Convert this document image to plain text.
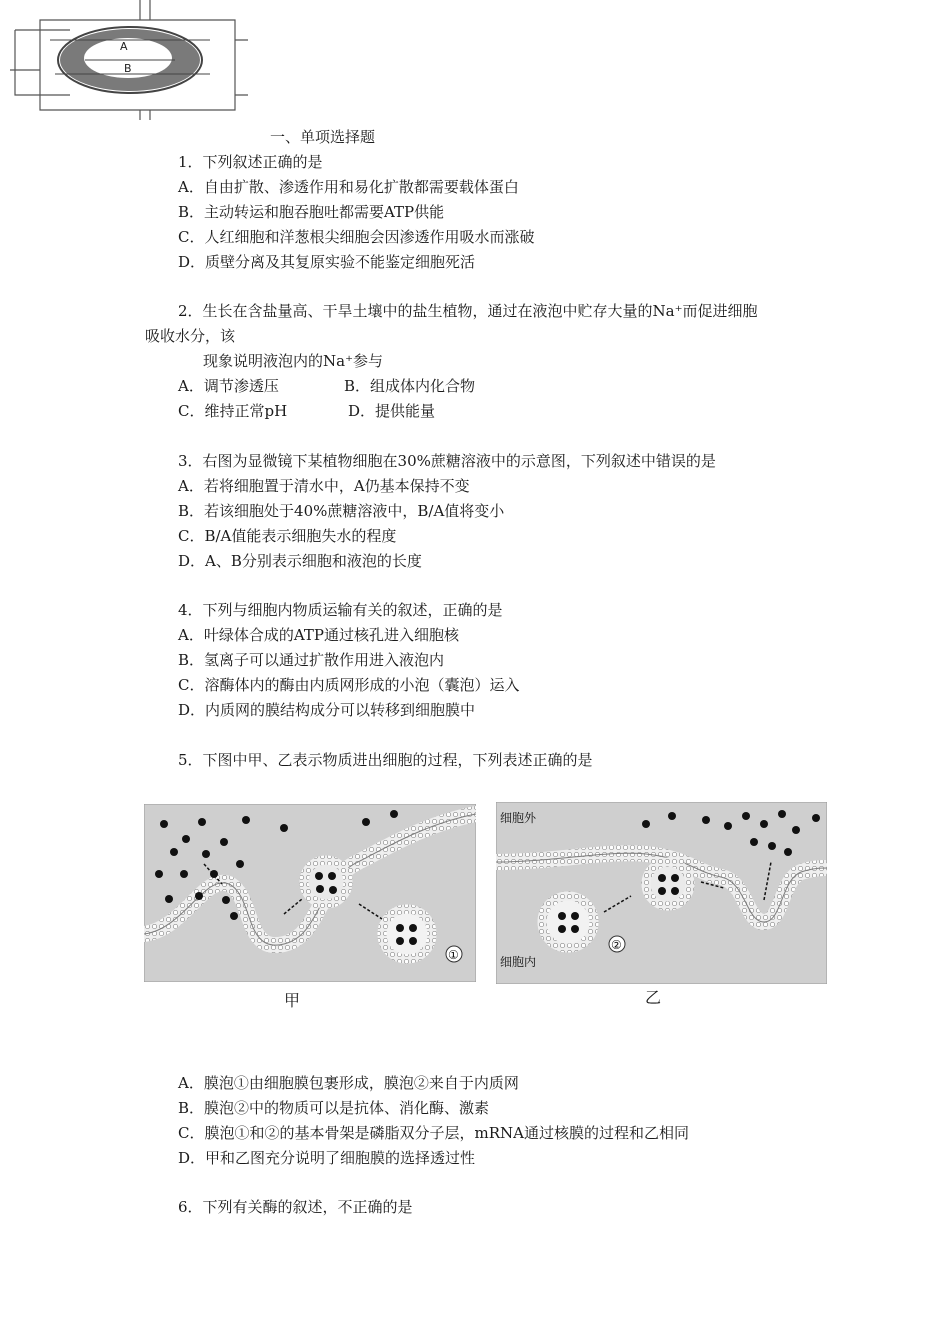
A
B
一、单项选择题
1．下列叙述正确的是
A．自由扩散、渗透作用和易化扩散都需要载体蛋白
B．主动转运和胞吞胞吐都需要ATP供能
C．人红细胞和洋葱根尖细胞会因渗透作用吸水而涨破
D．质壁分离及其复原实验不能鉴定细胞死活
2．生长在含盐量高、干旱土壤中的盐生植物，通过在液泡中贮存大量的Na⁺而促进细胞
吸收水分，该
现象说明液泡内的Na⁺参与
A．调节渗透压	B．组成体内化合物
C．维持正常pH	D．提供能量
3．右图为显微镜下某植物细胞在30%蔗糖溶液中的示意图，下列叙述中错误的是
A．若将细胞置于清水中，A仍基本保持不变
B．若该细胞处于40%蔗糖溶液中，B/A值将变小
C．B/A值能表示细胞失水的程度
D．A、B分别表示细胞和液泡的长度
4．下列与细胞内物质运输有关的叙述，正确的是
A．叶绿体合成的ATP通过核孔进入细胞核
B．氢离子可以通过扩散作用进入液泡内
C．溶酶体内的酶由内质网形成的小泡（囊泡）运入
D．内质网的膜结构成分可以转移到细胞膜中
5．下图中甲、乙表示物质进出细胞的过程，下列表述正确的是
①
细胞外
细胞内
②
甲	乙
A．膜泡①由细胞膜包裹形成，膜泡②来自于内质网
B．膜泡②中的物质可以是抗体、消化酶、激素
C．膜泡①和②的基本骨架是磷脂双分子层，mRNA通过核膜的过程和乙相同
D．甲和乙图充分说明了细胞膜的选择透过性
6．下列有关酶的叙述，不正确的是
